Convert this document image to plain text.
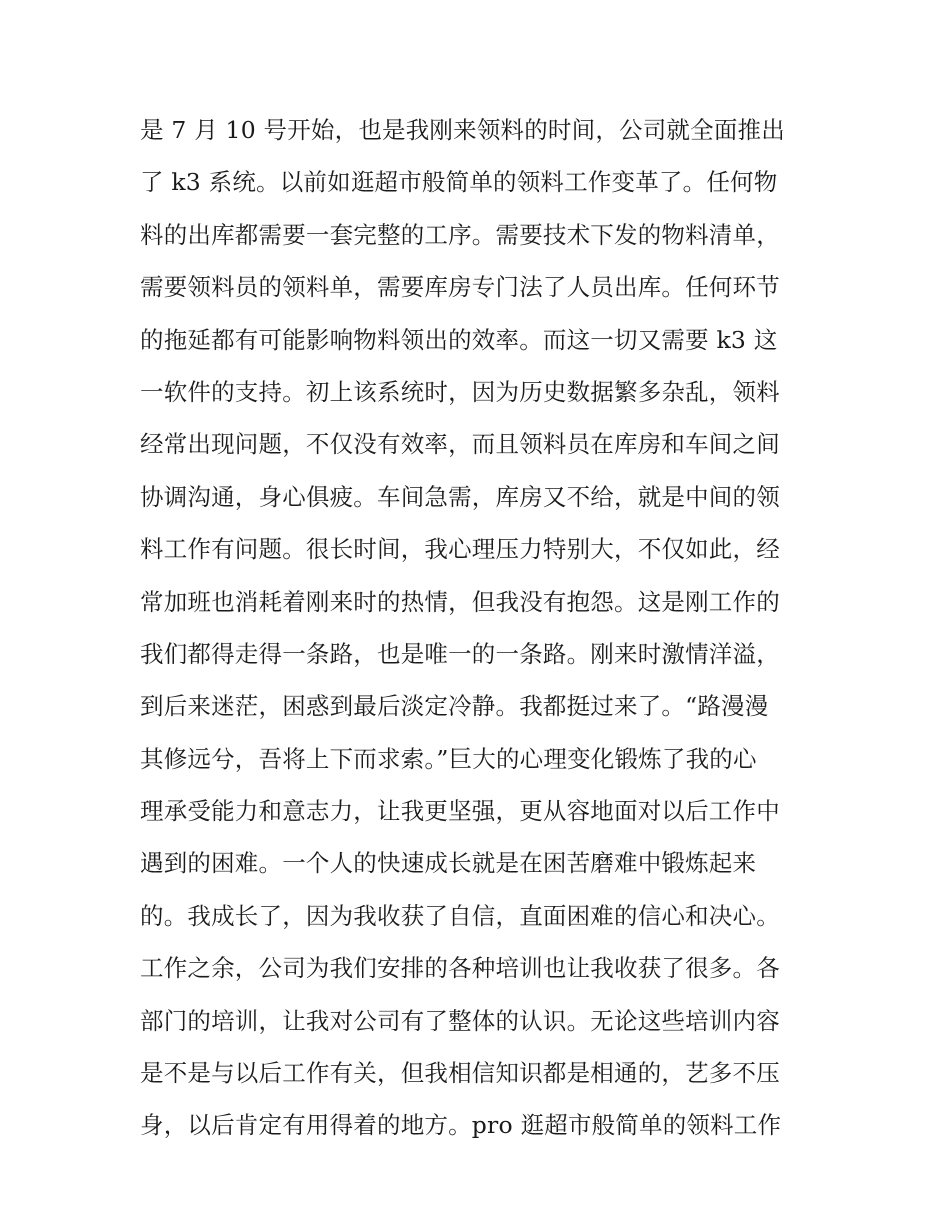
是 7 月 10 号开始，也是我刚来领料的时间，公司就全面推出
了 k3 系统。以前如逛超市般简单的领料工作变革了。任何物
料的出库都需要一套完整的工序。需要技术下发的物料清单，
需要领料员的领料单，需要库房专门法了人员出库。任何环节
的拖延都有可能影响物料领出的效率。而这一切又需要 k3 这
一软件的支持。初上该系统时，因为历史数据繁多杂乱，领料
经常出现问题，不仅没有效率，而且领料员在库房和车间之间
协调沟通，身心俱疲。车间急需，库房又不给，就是中间的领
料工作有问题。很长时间，我心理压力特别大，不仅如此，经
常加班也消耗着刚来时的热情，但我没有抱怨。这是刚工作的
我们都得走得一条路，也是唯一的一条路。刚来时激情洋溢，
到后来迷茫，困惑到最后淡定冷静。我都挺过来了。“路漫漫
其修远兮，吾将上下而求索。”巨大的心理变化锻炼了我的心
理承受能力和意志力，让我更坚强，更从容地面对以后工作中
遇到的困难。一个人的快速成长就是在困苦磨难中锻炼起来
的。我成长了，因为我收获了自信，直面困难的信心和决心。
工作之余，公司为我们安排的各种培训也让我收获了很多。各
部门的培训，让我对公司有了整体的认识。无论这些培训内容
是不是与以后工作有关，但我相信知识都是相通的，艺多不压
身，以后肯定有用得着的地方。pro 逛超市般简单的领料工作
